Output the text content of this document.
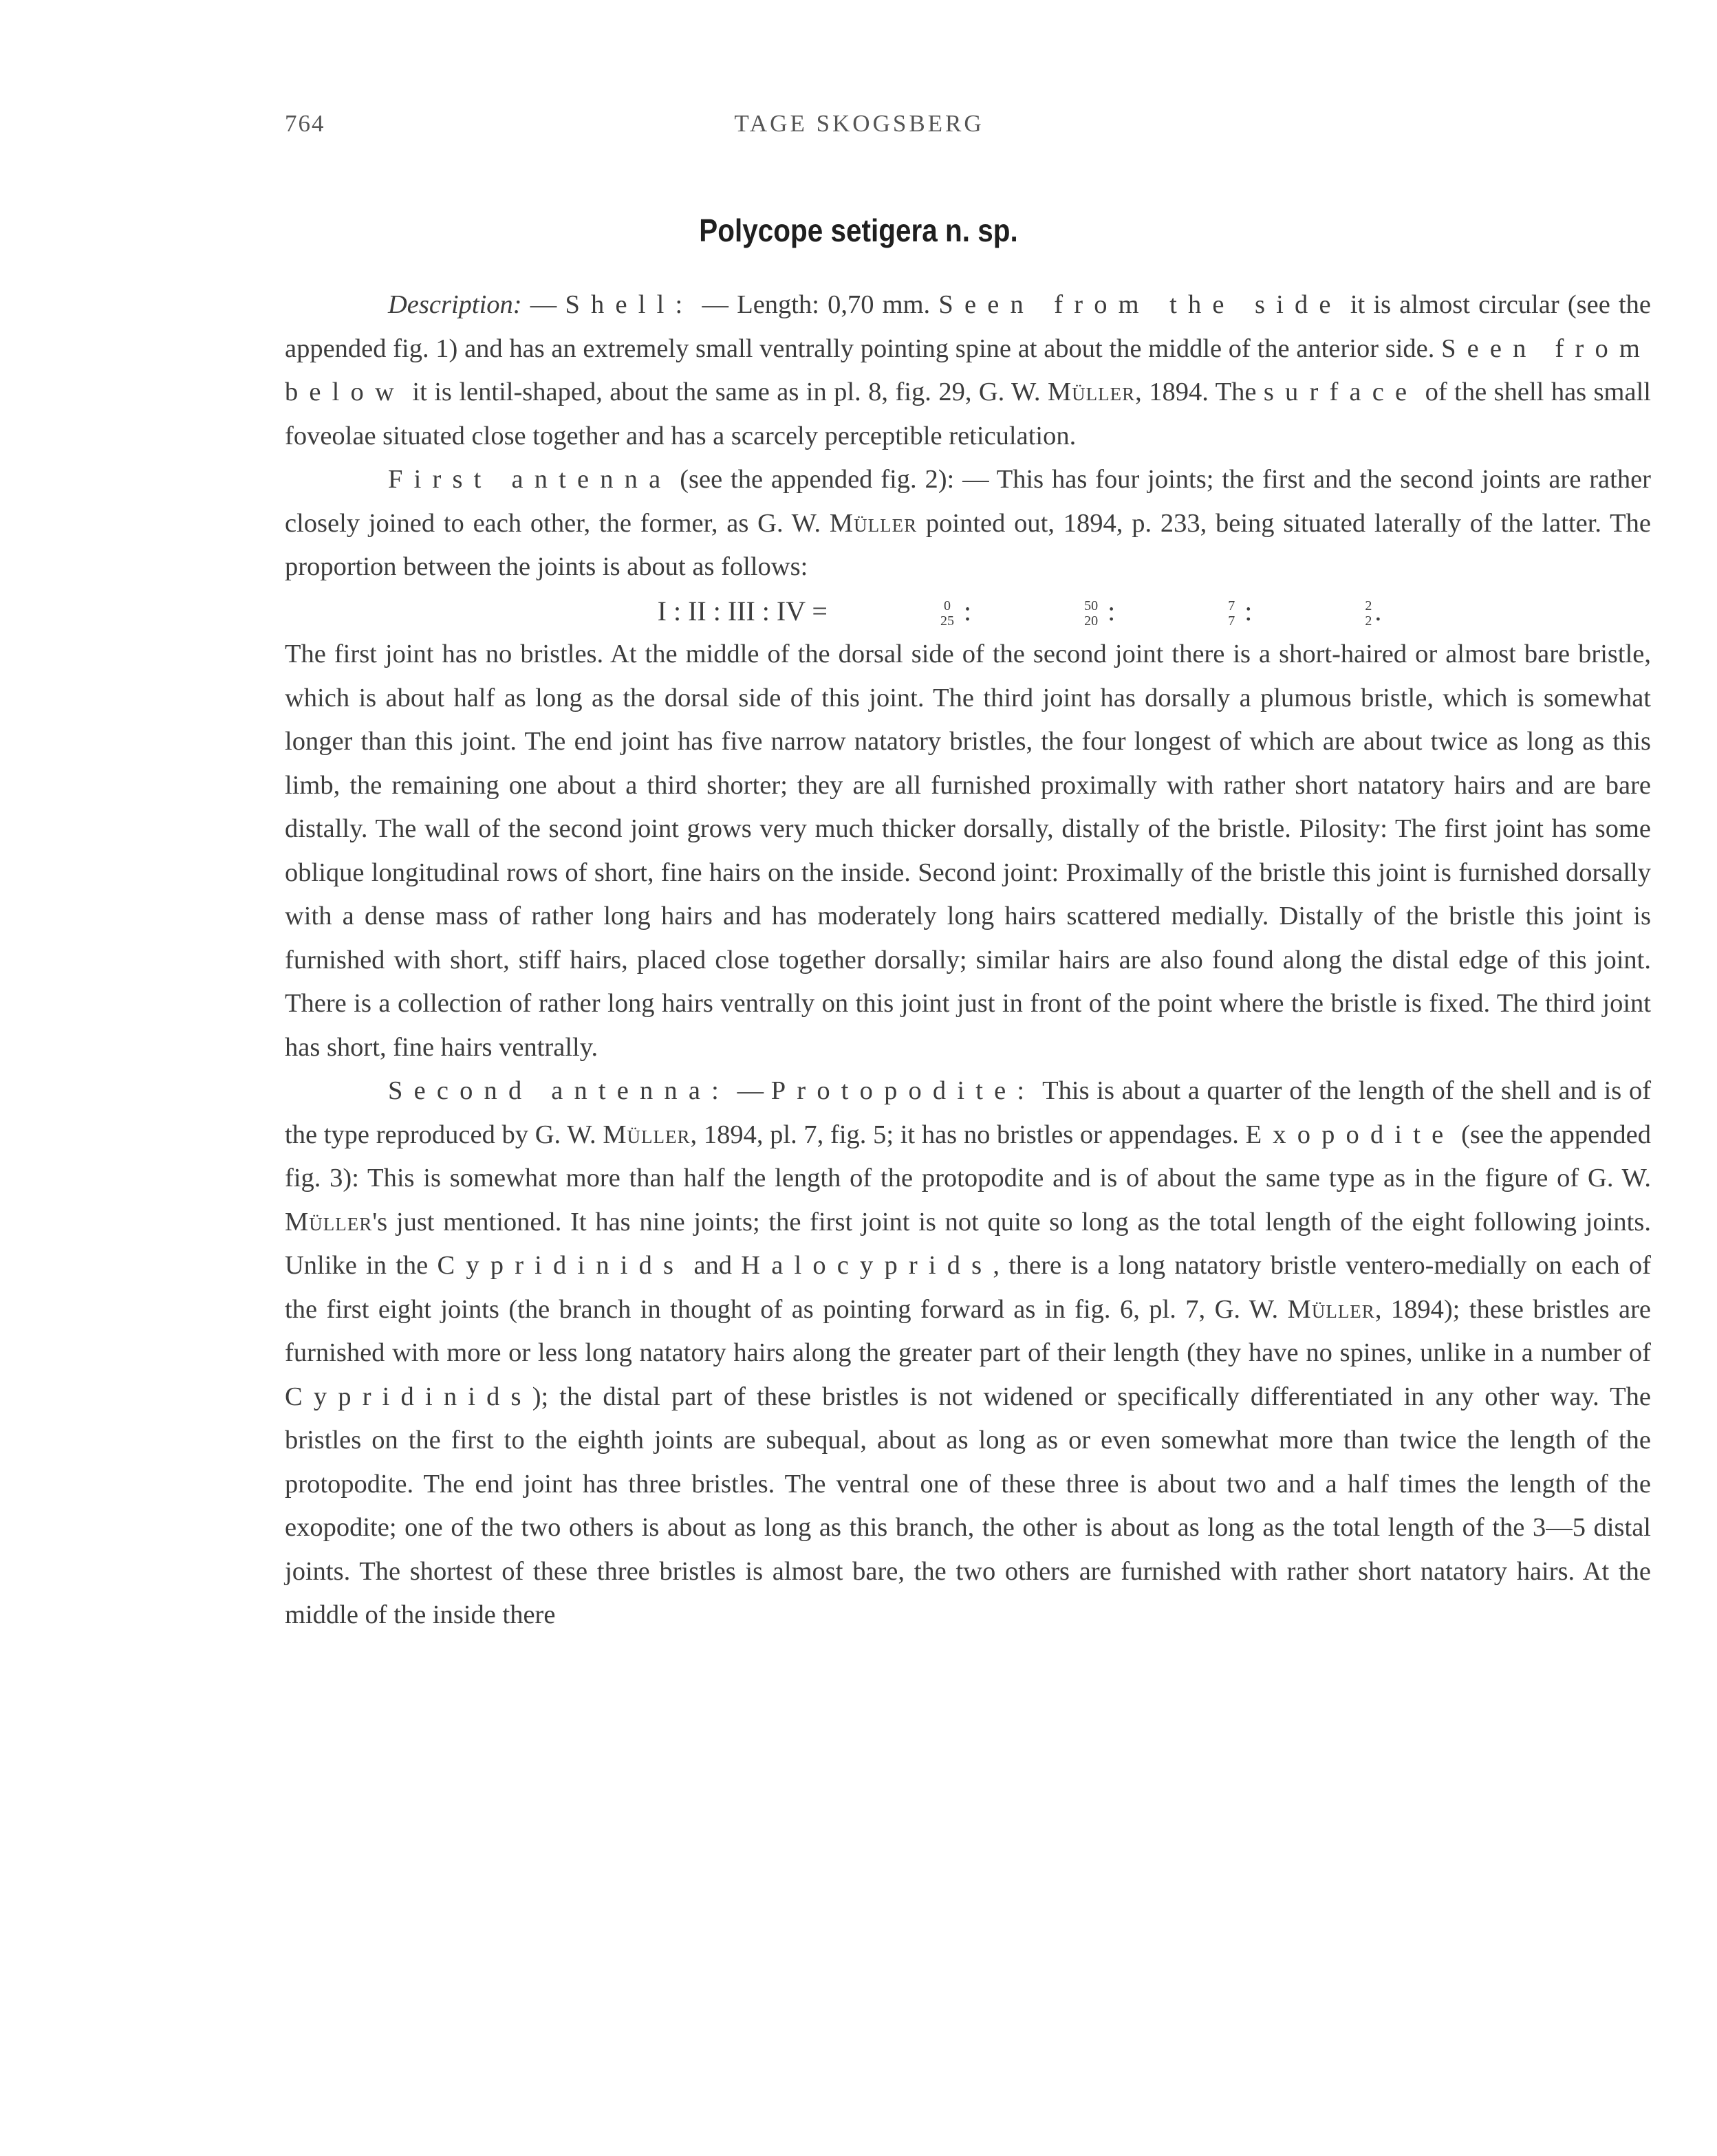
764	TAGE SKOGSBERG
Polycope setigera n. sp.

Description: — Shell: — Length: 0,70 mm. Seen from the side it is almost circular (see the appended fig. 1) and has an extremely small ventrally pointing spine at about the middle of the anterior side. Seen from below it is lentil-shaped, about the same as in pl. 8, fig. 29, G. W. Müller, 1894. The surface of the shell has small foveolae situated close together and has a scarcely perceptible reticulation.

First antenna (see the appended fig. 2): — This has four joints; the first and the second joints are rather closely joined to each other, the former, as G. W. Müller pointed out, 1894, p. 233, being situated laterally of the latter. The proportion between the joints is about as follows:

I : II : III : IV =	0
25 :	50
20 :	7
7 :	2
2 .

The first joint has no bristles. At the middle of the dorsal side of the second joint there is a short-haired or almost bare bristle, which is about half as long as the dorsal side of this joint. The third joint has dorsally a plumous bristle, which is somewhat longer than this joint. The end joint has five narrow natatory bristles, the four longest of which are about twice as long as this limb, the remaining one about a third shorter; they are all furnished proximally with rather short natatory hairs and are bare distally. The wall of the second joint grows very much thicker dorsally, distally of the bristle. Pilosity: The first joint has some oblique longitudinal rows of short, fine hairs on the inside. Second joint: Proximally of the bristle this joint is furnished dorsally with a dense mass of rather long hairs and has moderately long hairs scattered medially. Distally of the bristle this joint is furnished with short, stiff hairs, placed close together dorsally; similar hairs are also found along the distal edge of this joint. There is a collection of rather long hairs ventrally on this joint just in front of the point where the bristle is fixed. The third joint has short, fine hairs ventrally.

Second antenna: — Protopodite: This is about a quarter of the length of the shell and is of the type reproduced by G. W. Müller, 1894, pl. 7, fig. 5; it has no bristles or appendages. Exopodite (see the appended fig. 3): This is somewhat more than half the length of the protopodite and is of about the same type as in the figure of G. W. Müller's just mentioned. It has nine joints; the first joint is not quite so long as the total length of the eight following joints. Unlike in the Cypridinids and Halocyprids, there is a long natatory bristle ventero-medially on each of the first eight joints (the branch in thought of as pointing forward as in fig. 6, pl. 7, G. W. Müller, 1894); these bristles are furnished with more or less long natatory hairs along the greater part of their length (they have no spines, unlike in a number of Cypridinids); the distal part of these bristles is not widened or specifically differentiated in any other way. The bristles on the first to the eighth joints are subequal, about as long as or even somewhat more than twice the length of the protopodite. The end joint has three bristles. The ventral one of these three is about two and a half times the length of the exopodite; one of the two others is about as long as this branch, the other is about as long as the total length of the 3—5 distal joints. The shortest of these three bristles is almost bare, the two others are furnished with rather short natatory hairs. At the middle of the inside there
